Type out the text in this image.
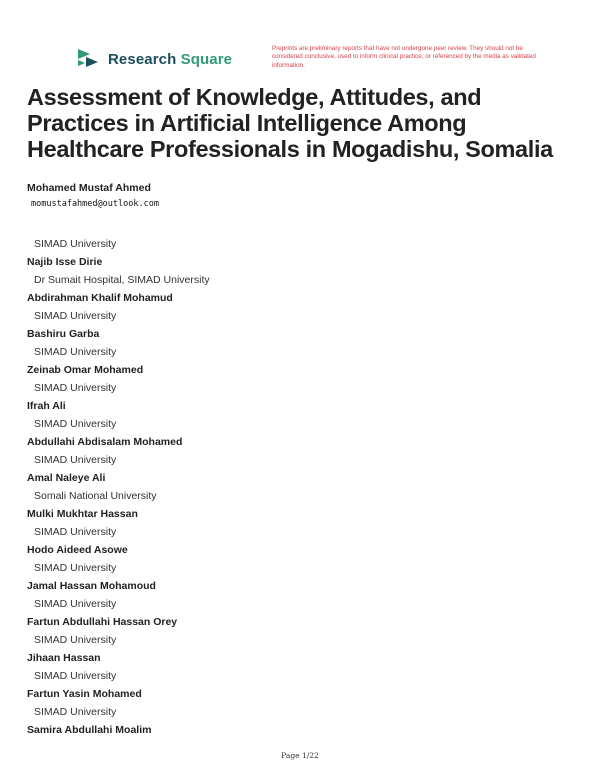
Research Square
Preprints are preliminary reports that have not undergone peer review. They should not be considered conclusive, used to inform clinical practice, or referenced by the media as validated information.
Assessment of Knowledge, Attitudes, and Practices in Artificial Intelligence Among Healthcare Professionals in Mogadishu, Somalia
Mohamed Mustaf Ahmed
momustafahmed@outlook.com
SIMAD University
Najib Isse Dirie
Dr Sumait Hospital, SIMAD University
Abdirahman Khalif Mohamud
SIMAD University
Bashiru Garba
SIMAD University
Zeinab Omar Mohamed
SIMAD University
Ifrah Ali
SIMAD University
Abdullahi Abdisalam Mohamed
SIMAD University
Amal Naleye Ali
Somali National University
Mulki Mukhtar Hassan
SIMAD University
Hodo Aideed Asowe
SIMAD University
Jamal Hassan Mohamoud
SIMAD University
Fartun Abdullahi Hassan Orey
SIMAD University
Jihaan Hassan
SIMAD University
Fartun Yasin Mohamed
SIMAD University
Samira Abdullahi Moalim
Page 1/22
